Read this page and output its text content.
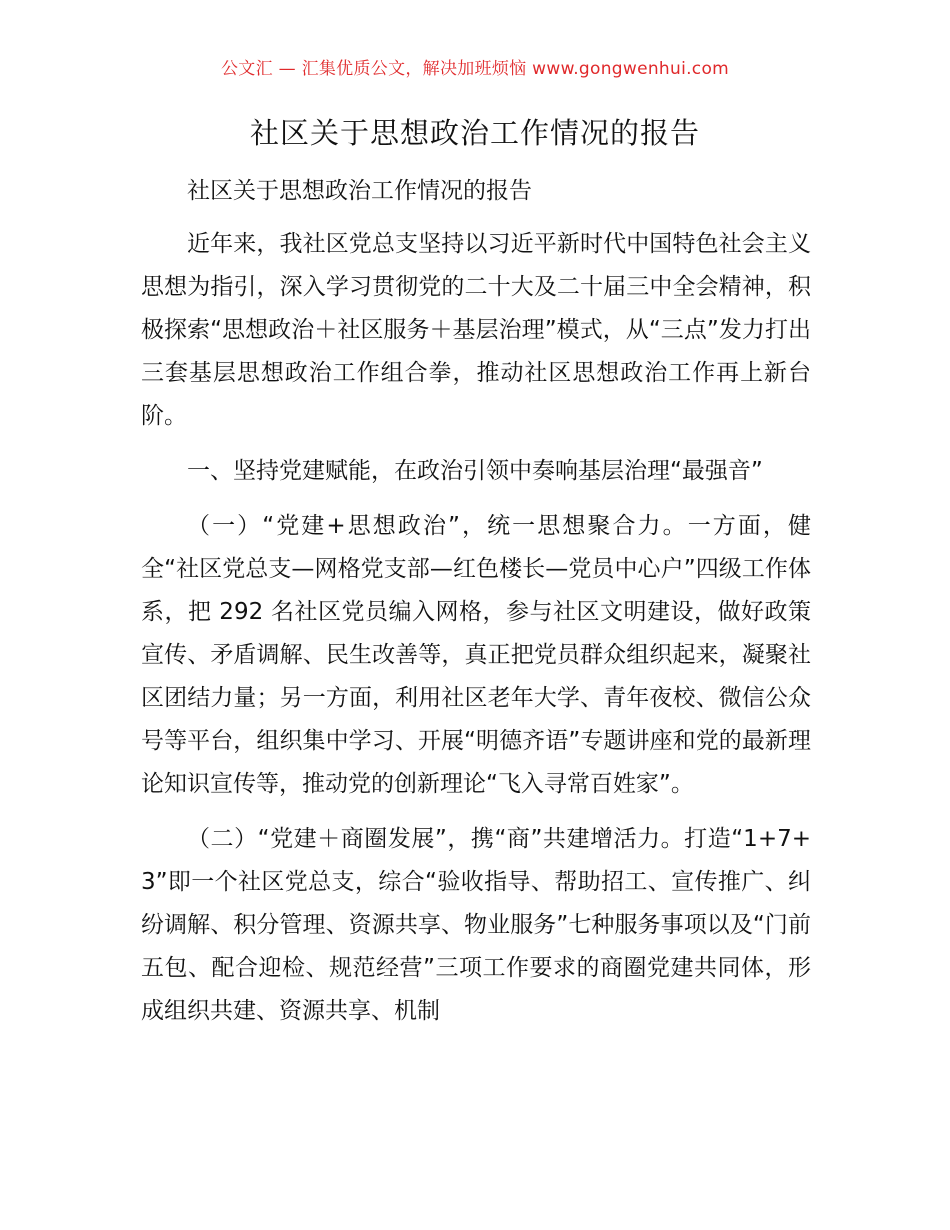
公文汇 — 汇集优质公文，解决加班烦恼 www.gongwenhui.com
社区关于思想政治工作情况的报告

社区关于思想政治工作情况的报告

近年来，我社区党总支坚持以习近平新时代中国特色社会主义思想为指引，深入学习贯彻党的二十大及二十届三中全会精神，积极探索“思想政治＋社区服务＋基层治理”模式，从“三点”发力打出三套基层思想政治工作组合拳，推动社区思想政治工作再上新台阶。

一、坚持党建赋能，在政治引领中奏响基层治理“最强音”

（一）“党建+思想政治”，统一思想聚合力。一方面，健全“社区党总支—网格党支部—红色楼长—党员中心户”四级工作体系，把 292 名社区党员编入网格，参与社区文明建设，做好政策宣传、矛盾调解、民生改善等，真正把党员群众组织起来，凝聚社区团结力量；另一方面，利用社区老年大学、青年夜校、微信公众号等平台，组织集中学习、开展“明德齐语”专题讲座和党的最新理论知识宣传等，推动党的创新理论“飞入寻常百姓家”。

（二）“党建＋商圈发展”，携“商”共建增活力。打造“1+7+3”即一个社区党总支，综合“验收指导、帮助招工、宣传推广、纠纷调解、积分管理、资源共享、物业服务”七种服务事项以及“门前五包、配合迎检、规范经营”三项工作要求的商圈党建共同体，形成组织共建、资源共享、机制
